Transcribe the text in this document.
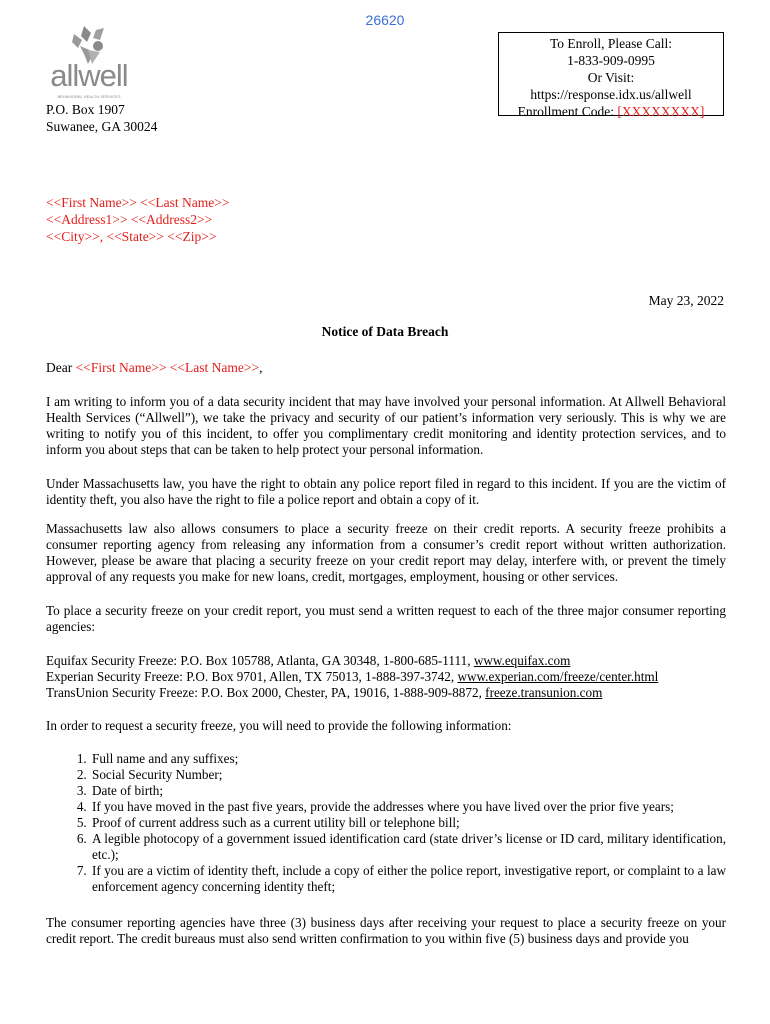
26620
allwell
BEHAVIORAL HEALTH SERVICES
P.O. Box 1907
Suwanee, GA 30024
To Enroll, Please Call:
1-833-909-0995
Or Visit:
https://response.idx.us/allwell
Enrollment Code: [XXXXXXXX]
<<First Name>> <<Last Name>>
<<Address1>> <<Address2>>
<<City>>, <<State>> <<Zip>>
May 23, 2022
Notice of Data Breach
Dear <<First Name>> <<Last Name>>,
I am writing to inform you of a data security incident that may have involved your personal information. At Allwell Behavioral Health Services (“Allwell”), we take the privacy and security of our patient’s information very seriously. This is why we are writing to notify you of this incident, to offer you complimentary credit monitoring and identity protection services, and to inform you about steps that can be taken to help protect your personal information.
Under Massachusetts law, you have the right to obtain any police report filed in regard to this incident. If you are the victim of identity theft, you also have the right to file a police report and obtain a copy of it.
Massachusetts law also allows consumers to place a security freeze on their credit reports. A security freeze prohibits a consumer reporting agency from releasing any information from a consumer’s credit report without written authorization. However, please be aware that placing a security freeze on your credit report may delay, interfere with, or prevent the timely approval of any requests you make for new loans, credit, mortgages, employment, housing or other services.
To place a security freeze on your credit report, you must send a written request to each of the three major consumer reporting agencies:
Equifax Security Freeze: P.O. Box 105788, Atlanta, GA 30348, 1-800-685-1111, www.equifax.com
Experian Security Freeze: P.O. Box 9701, Allen, TX 75013, 1-888-397-3742, www.experian.com/freeze/center.html
TransUnion Security Freeze: P.O. Box 2000, Chester, PA, 19016, 1-888-909-8872, freeze.transunion.com
In order to request a security freeze, you will need to provide the following information:
1. Full name and any suffixes;
2. Social Security Number;
3. Date of birth;
4. If you have moved in the past five years, provide the addresses where you have lived over the prior five years;
5. Proof of current address such as a current utility bill or telephone bill;
6. A legible photocopy of a government issued identification card (state driver’s license or ID card, military identification, etc.);
7. If you are a victim of identity theft, include a copy of either the police report, investigative report, or complaint to a law enforcement agency concerning identity theft;
The consumer reporting agencies have three (3) business days after receiving your request to place a security freeze on your credit report. The credit bureaus must also send written confirmation to you within five (5) business days and provide you
